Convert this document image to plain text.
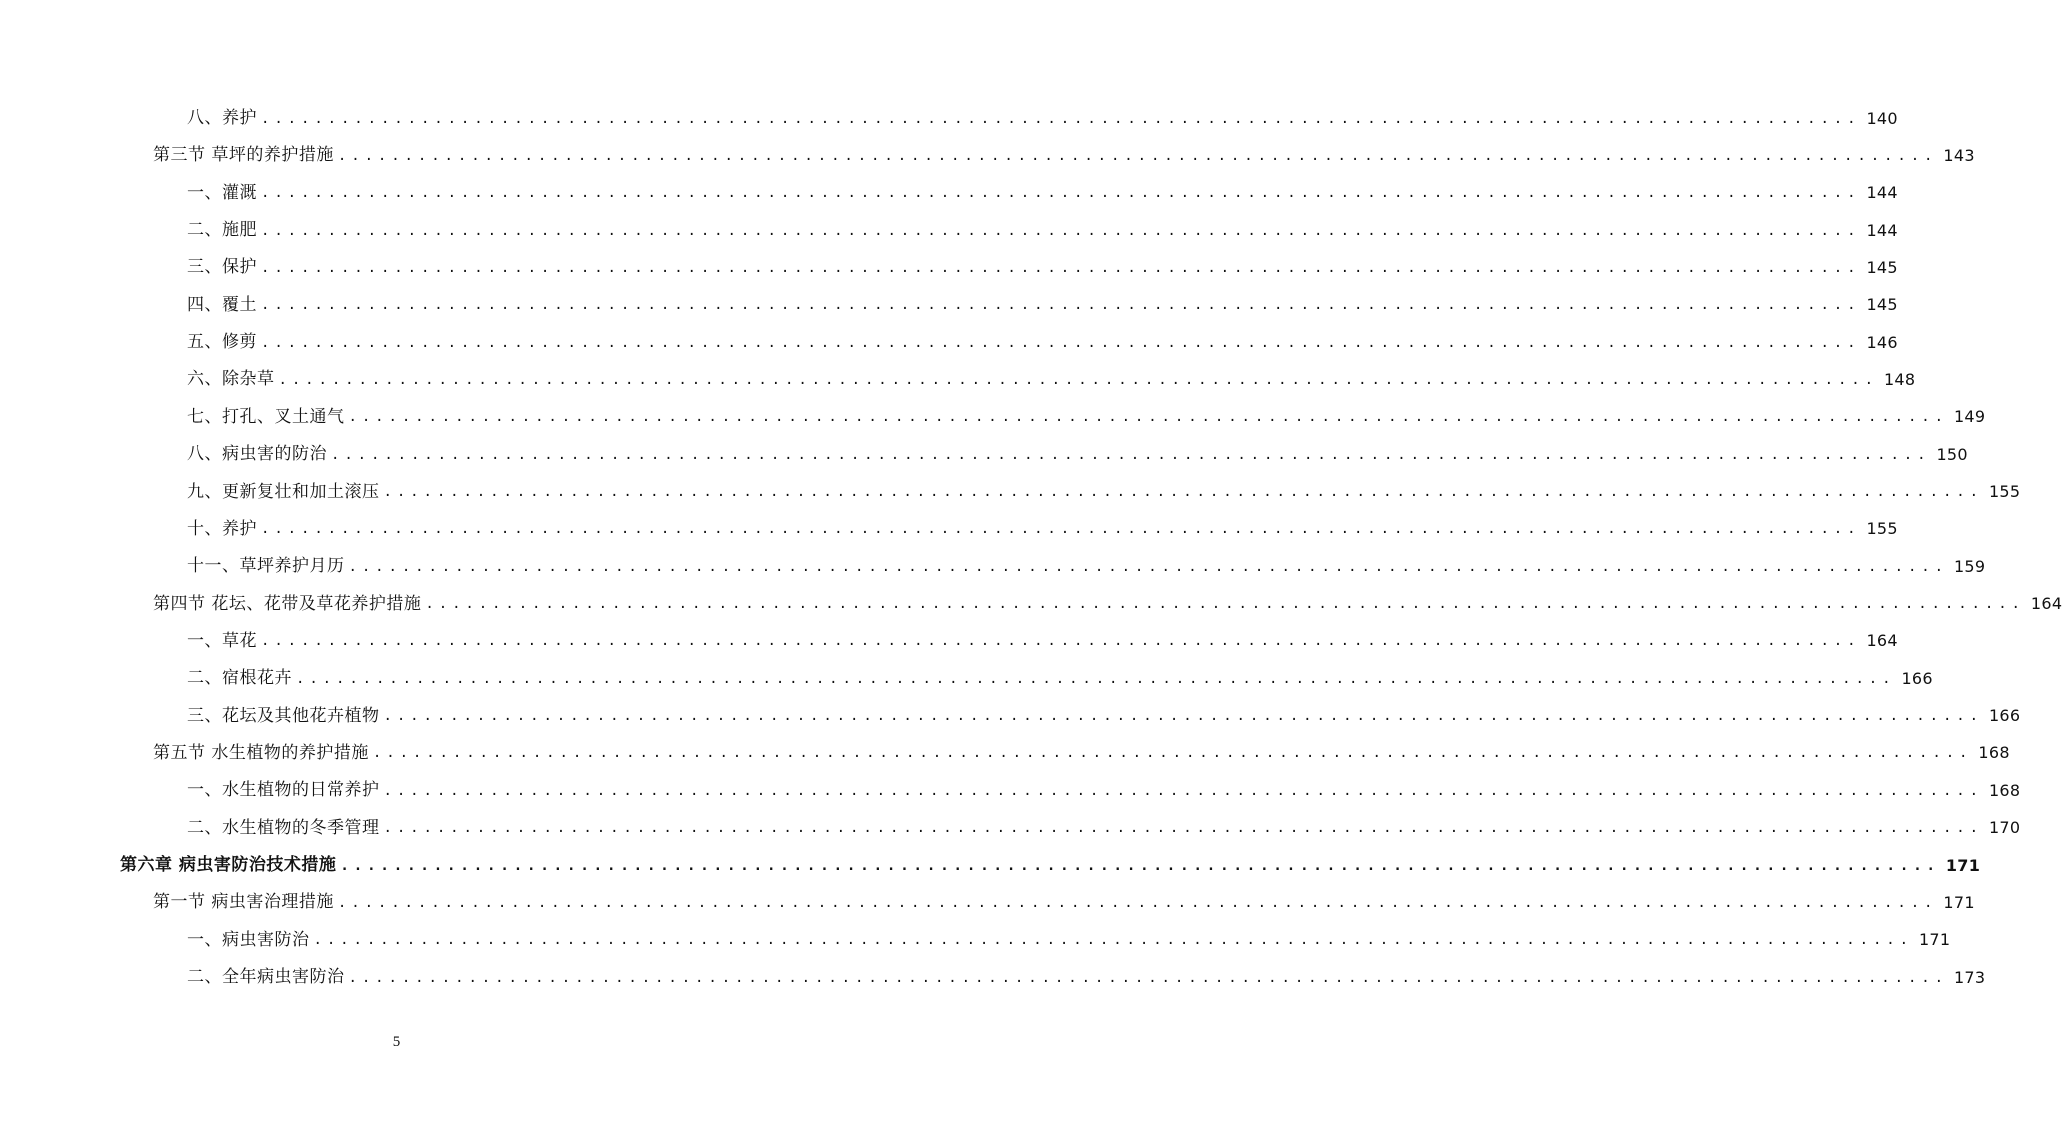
八、养护 ........................................................................................................................ 140
第三节 草坪的养护措施 ........................................................................................................................ 143
一、灌溉 ........................................................................................................................ 144
二、施肥 ........................................................................................................................ 144
三、保护 ........................................................................................................................ 145
四、覆土 ........................................................................................................................ 145
五、修剪 ........................................................................................................................ 146
六、除杂草 ........................................................................................................................ 148
七、打孔、叉土通气 ........................................................................................................................ 149
八、病虫害的防治 ........................................................................................................................ 150
九、更新复壮和加土滚压 ........................................................................................................................ 155
十、养护 ........................................................................................................................ 155
十一、草坪养护月历 ........................................................................................................................ 159
第四节 花坛、花带及草花养护措施 ........................................................................................................................ 164
一、草花 ........................................................................................................................ 164
二、宿根花卉 ........................................................................................................................ 166
三、花坛及其他花卉植物 ........................................................................................................................ 166
第五节 水生植物的养护措施 ........................................................................................................................ 168
一、水生植物的日常养护 ........................................................................................................................ 168
二、水生植物的冬季管理 ........................................................................................................................ 170
第六章 病虫害防治技术措施 ........................................................................................................................ 171
第一节 病虫害治理措施 ........................................................................................................................ 171
一、病虫害防治 ........................................................................................................................ 171
二、全年病虫害防治 ........................................................................................................................ 173
5
